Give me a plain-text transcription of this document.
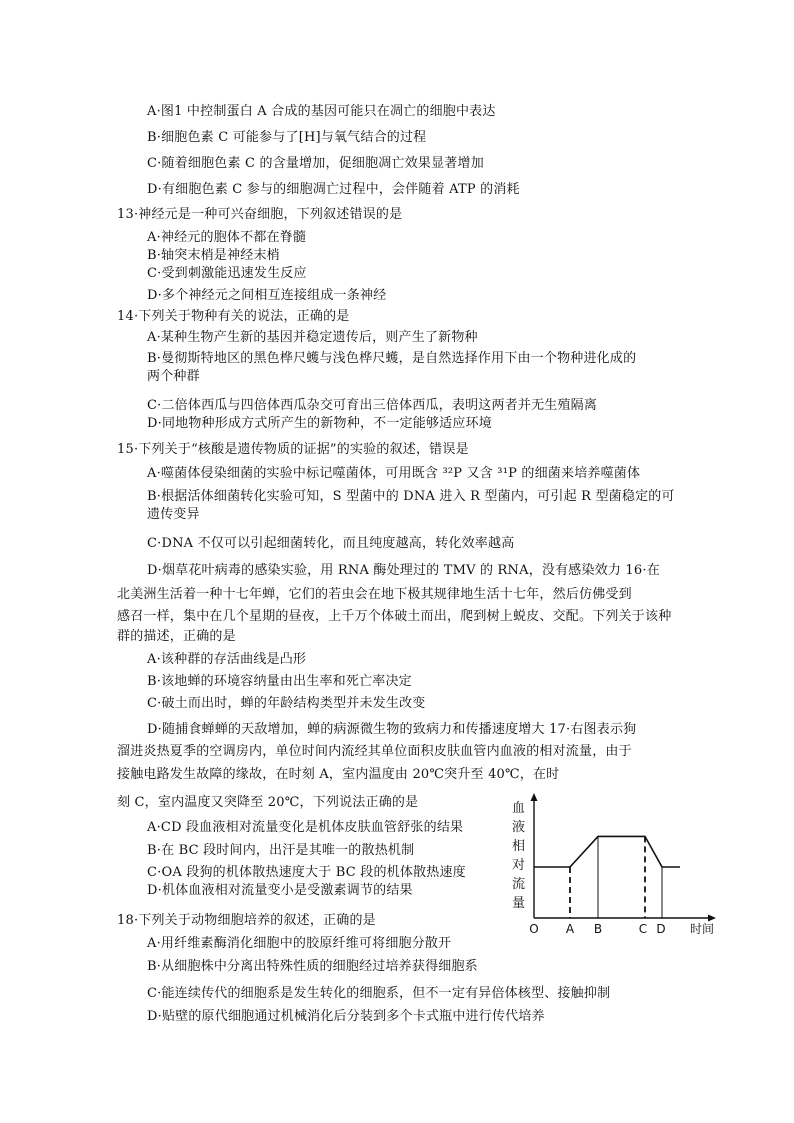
A·图1 中控制蛋白 A 合成的基因可能只在凋亡的细胞中表达
B·细胞色素 C 可能参与了[H]与氧气结合的过程
C·随着细胞色素 C 的含量增加，促细胞凋亡效果显著增加
D·有细胞色素 C 参与的细胞凋亡过程中，会伴随着 ATP 的消耗
13·神经元是一种可兴奋细胞，下列叙述错误的是
A·神经元的胞体不都在脊髓
B·轴突末梢是神经末梢
C·受到刺激能迅速发生反应
D·多个神经元之间相互连接组成一条神经
14·下列关于物种有关的说法，正确的是
A·某种生物产生新的基因并稳定遗传后，则产生了新物种
B·曼彻斯特地区的黑色桦尺蠖与浅色桦尺蠖，是自然选择作用下由一个物种进化成的
两个种群
C·二倍体西瓜与四倍体西瓜杂交可育出三倍体西瓜，表明这两者并无生殖隔离
D·同地物种形成方式所产生的新物种，不一定能够适应环境
15·下列关于“核酸是遗传物质的证据”的实验的叙述，错误是
A·噬菌体侵染细菌的实验中标记噬菌体，可用既含 ³²P 又含 ³¹P 的细菌来培养噬菌体
B·根据活体细菌转化实验可知，S 型菌中的 DNA 进入 R 型菌内，可引起 R 型菌稳定的可
遗传变异
C·DNA 不仅可以引起细菌转化，而且纯度越高，转化效率越高
D·烟草花叶病毒的感染实验，用 RNA 酶处理过的 TMV 的 RNA，没有感染效力 16·在
北美洲生活着一种十七年蝉，它们的若虫会在地下极其规律地生活十七年，然后仿佛受到
感召一样，集中在几个星期的昼夜，上千万个体破土而出，爬到树上蜕皮、交配。下列关于该种
群的描述，正确的是
A·该种群的存活曲线是凸形
B·该地蝉的环境容纳量由出生率和死亡率决定
C·破土而出时，蝉的年龄结构类型并未发生改变
D·随捕食蝉蝉的天敌增加，蝉的病源微生物的致病力和传播速度增大 17·右图表示狗
溜进炎热夏季的空调房内，单位时间内流经其单位面积皮肤血管内血液的相对流量，由于
接触电路发生故障的缘故，在时刻 A，室内温度由 20℃突升至 40℃，在时
刻 C，室内温度又突降至 20℃，下列说法正确的是
A·CD 段血液相对流量变化是机体皮肤血管舒张的结果
B·在 BC 段时间内，出汗是其唯一的散热机制
C·OA 段狗的机体散热速度大于 BC 段的机体散热速度
D·机体血液相对流量变小是受激素调节的结果
18·下列关于动物细胞培养的叙述，正确的是
A·用纤维素酶消化细胞中的胶原纤维可将细胞分散开
B·从细胞株中分离出特殊性质的细胞经过培养获得细胞系
C·能连续传代的细胞系是发生转化的细胞系，但不一定有异倍体核型、接触抑制
D·贴壁的原代细胞通过机械消化后分装到多个卡式瓶中进行传代培养
血
液
相
对
流
量
O A B	C D 时间
